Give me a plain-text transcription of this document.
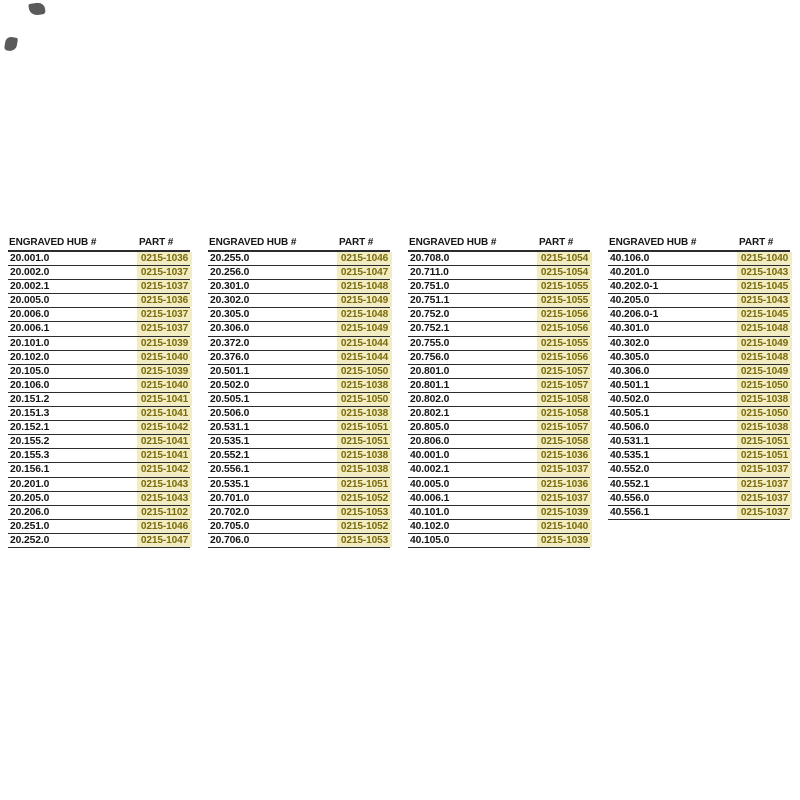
ENGRAVED HUB #	PART #
20.001.0	0215-1036
20.002.0	0215-1037
20.002.1	0215-1037
20.005.0	0215-1036
20.006.0	0215-1037
20.006.1	0215-1037
20.101.0	0215-1039
20.102.0	0215-1040
20.105.0	0215-1039
20.106.0	0215-1040
20.151.2	0215-1041
20.151.3	0215-1041
20.152.1	0215-1042
20.155.2	0215-1041
20.155.3	0215-1041
20.156.1	0215-1042
20.201.0	0215-1043
20.205.0	0215-1043
20.206.0	0215-1102
20.251.0	0215-1046
20.252.0	0215-1047
ENGRAVED HUB #	PART #
20.255.0	0215-1046
20.256.0	0215-1047
20.301.0	0215-1048
20.302.0	0215-1049
20.305.0	0215-1048
20.306.0	0215-1049
20.372.0	0215-1044
20.376.0	0215-1044
20.501.1	0215-1050
20.502.0	0215-1038
20.505.1	0215-1050
20.506.0	0215-1038
20.531.1	0215-1051
20.535.1	0215-1051
20.552.1	0215-1038
20.556.1	0215-1038
20.535.1	0215-1051
20.701.0	0215-1052
20.702.0	0215-1053
20.705.0	0215-1052
20.706.0	0215-1053
ENGRAVED HUB #	PART #
20.708.0	0215-1054
20.711.0	0215-1054
20.751.0	0215-1055
20.751.1	0215-1055
20.752.0	0215-1056
20.752.1	0215-1056
20.755.0	0215-1055
20.756.0	0215-1056
20.801.0	0215-1057
20.801.1	0215-1057
20.802.0	0215-1058
20.802.1	0215-1058
20.805.0	0215-1057
20.806.0	0215-1058
40.001.0	0215-1036
40.002.1	0215-1037
40.005.0	0215-1036
40.006.1	0215-1037
40.101.0	0215-1039
40.102.0	0215-1040
40.105.0	0215-1039
ENGRAVED HUB #	PART #
40.106.0	0215-1040
40.201.0	0215-1043
40.202.0-1	0215-1045
40.205.0	0215-1043
40.206.0-1	0215-1045
40.301.0	0215-1048
40.302.0	0215-1049
40.305.0	0215-1048
40.306.0	0215-1049
40.501.1	0215-1050
40.502.0	0215-1038
40.505.1	0215-1050
40.506.0	0215-1038
40.531.1	0215-1051
40.535.1	0215-1051
40.552.0	0215-1037
40.552.1	0215-1037
40.556.0	0215-1037
40.556.1	0215-1037
